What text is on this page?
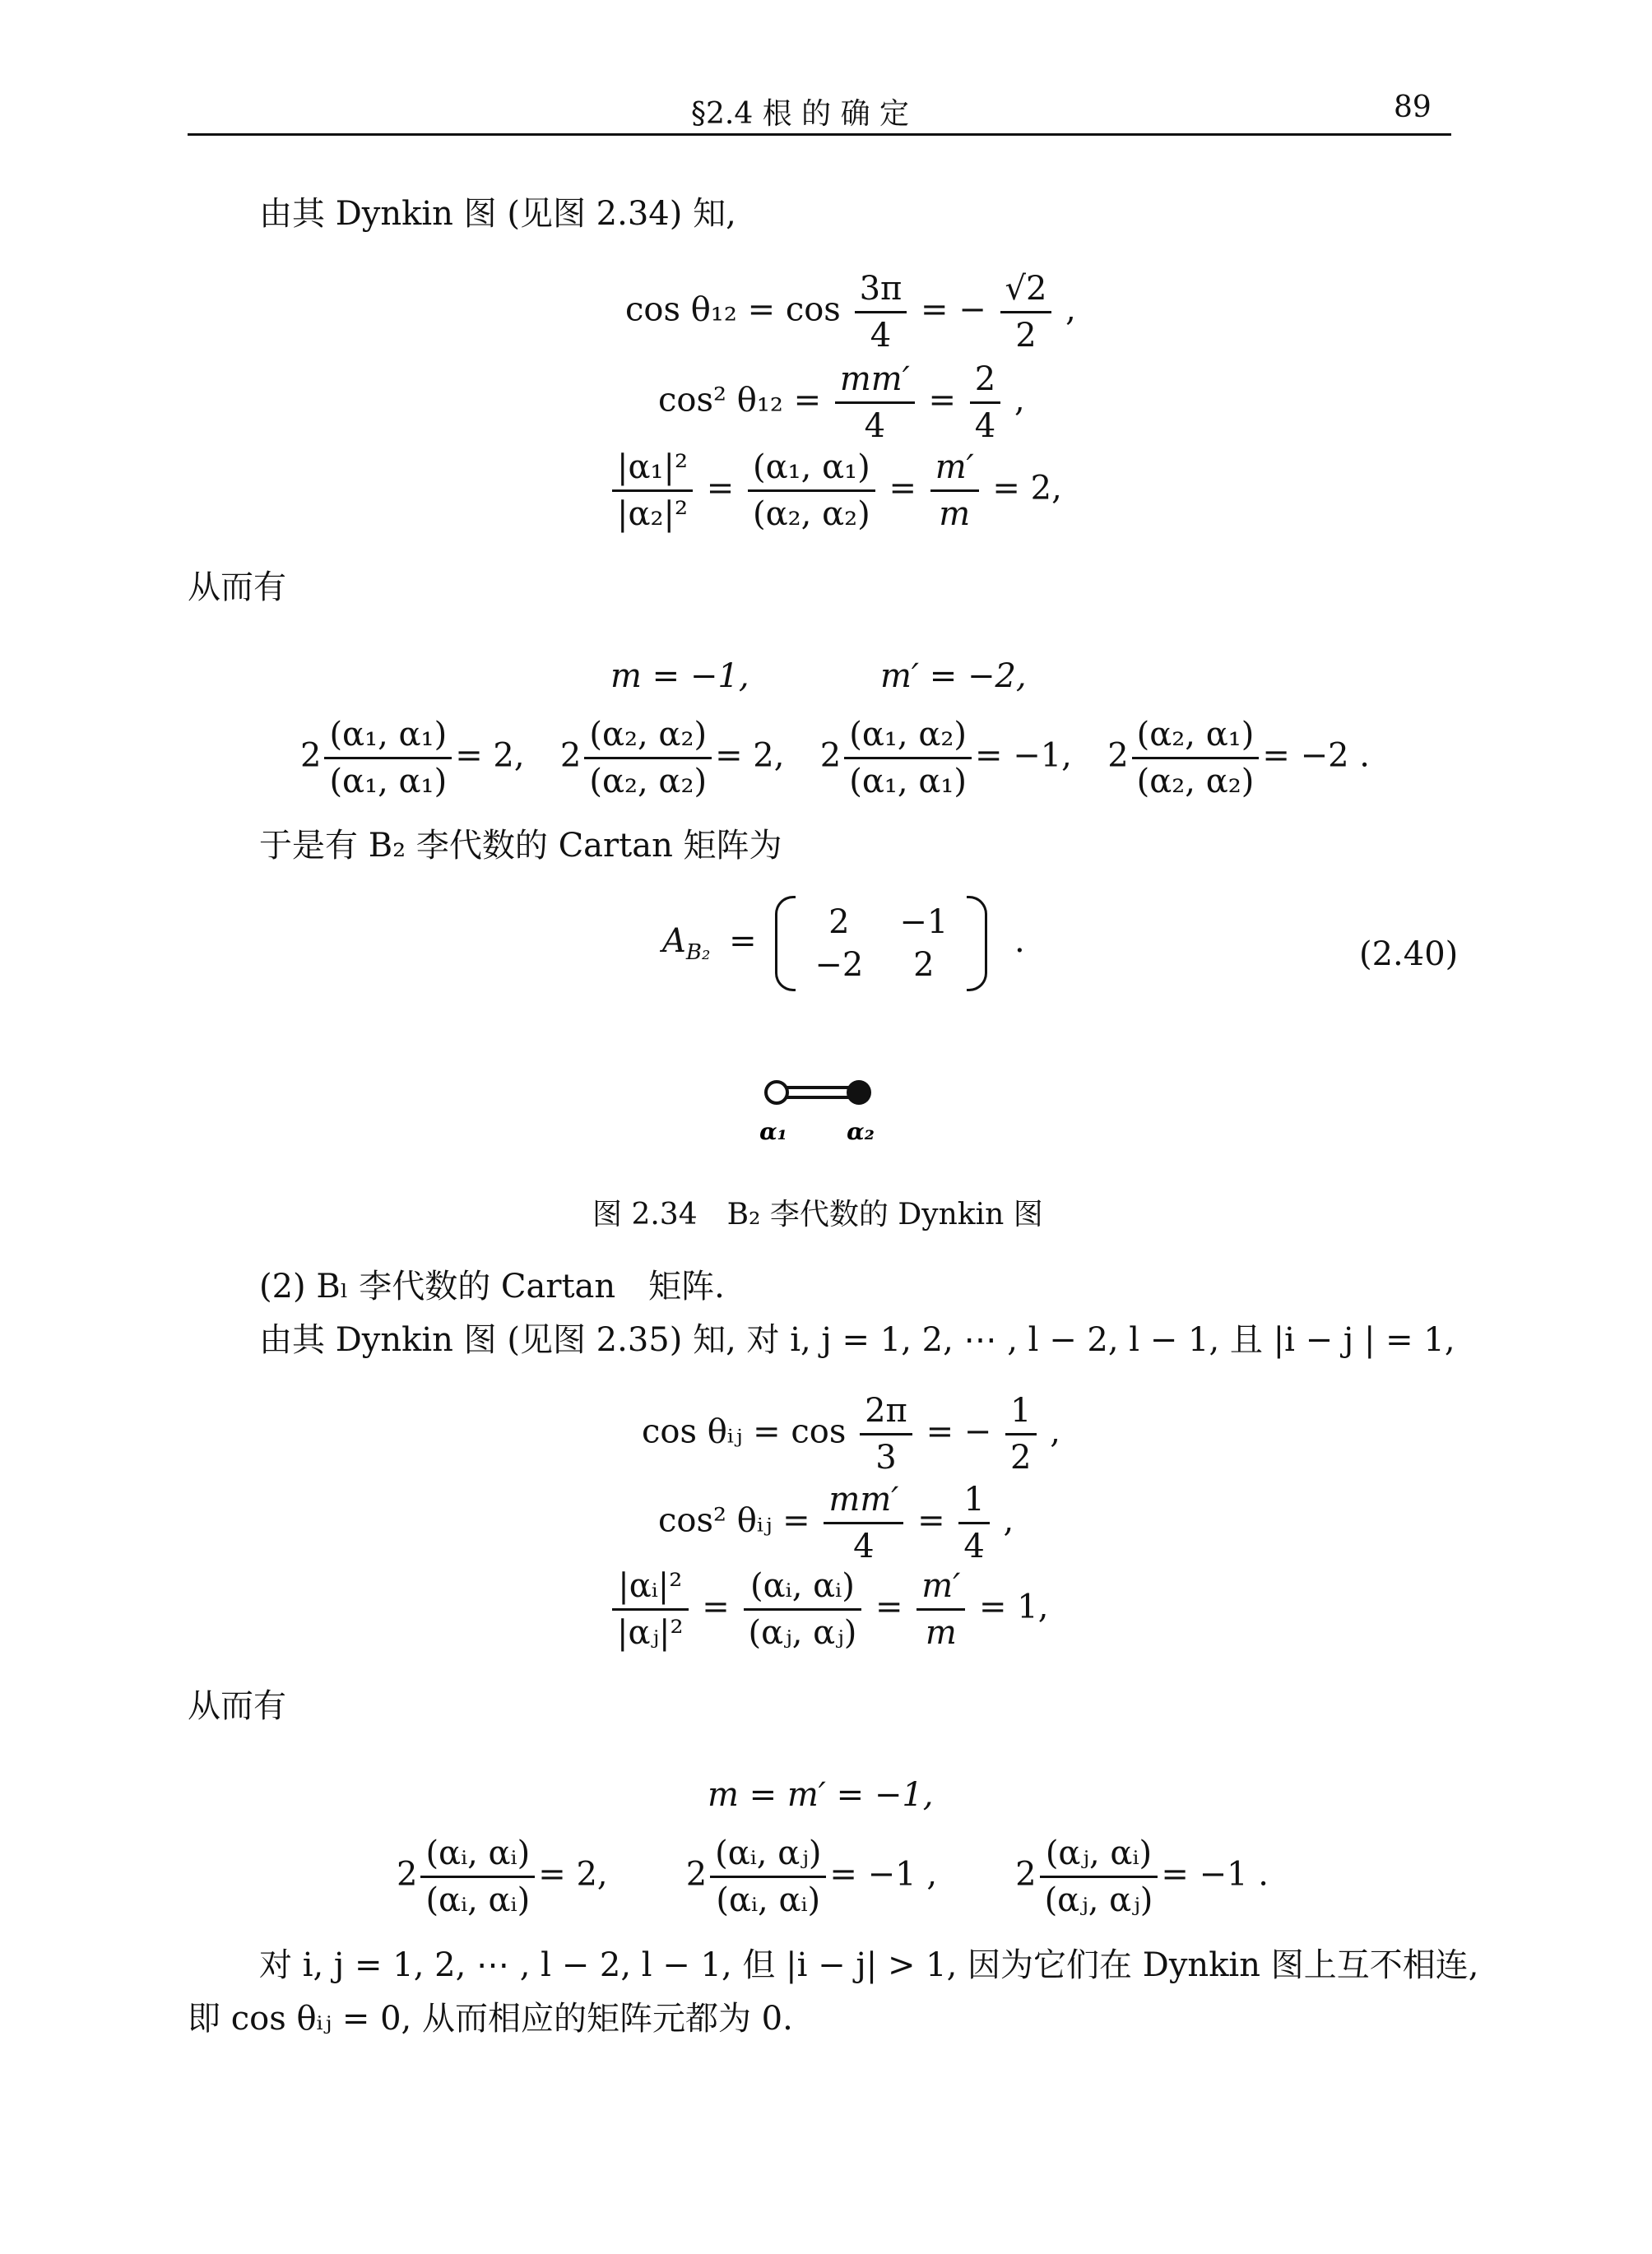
§2.4 根 的 确 定	89
由其 Dynkin 图 (见图 2.34) 知,
$\cos \theta_{12} = \cos \frac{3\pi}{4}$ = − $\frac{√2}{2}$ ,
cos² $\theta_{12} = \frac{mm'}{4} = \frac{2}{4}$ ,
$\frac{\text{|α₁|²}}{\text{|α₂|²}} = \frac{\text{(α₁, α₁)}}{\text{(α₂, α₂)}} = \frac{m'}{m} = 2$,
从而有
m = −1,	m′ = −2,
$2 \frac{\text{(α₁, α₁)}}{\text{(α₁, α₁)}} = 2$, $2 \frac{\text{(α₂, α₂)}}{\text{(α₂, α₂)}} = 2$, $2 \frac{\text{(α₁, α₂)}}{\text{(α₁, α₁)}} = -1$, $2 \frac{\text{(α₂, α₁)}}{\text{(α₂, α₂)}} = -2$ .
于是有 B₂ 李代数的 Cartan 矩阵为
$A_{B_2} = 2$	−1
−2	2
.	(2.40)
α₁	α₂
图 2.34　B₂ 李代数的 Dynkin 图
(2) Bₗ 李代数的 Cartan　矩阵.
由其 Dynkin 图 (见图 2.35) 知, 对 i, j = 1, 2, ⋯ , l − 2, l − 1, 且 |i − j | = 1,
cos θᵢⱼ = $\cos \frac{2\pi}{3}$ = − $\frac{1}{2}$ ,
cos² θᵢⱼ = $\frac{mm'}{4} = \frac{1}{4}$ ,
$\frac{\text{|αᵢ|²}}{\text{|αⱼ|²}} = \frac{\text{(αᵢ, αᵢ)}}{\text{(αⱼ, αⱼ)}} = \frac{m'}{m} = 1$,
从而有
m = m′ = −1,
$2 \frac{\text{(αᵢ, αᵢ)}}{\text{(αᵢ, αᵢ)}} = 2$, $2 \frac{\text{(αᵢ, αⱼ)}}{\text{(αᵢ, αᵢ)}} = -1$ , $2 \frac{\text{(αⱼ, αᵢ)}}{\text{(αⱼ, αⱼ)}} = -1$ .
对 i, j = 1, 2, ⋯ , l − 2, l − 1, 但 |i − j| > 1, 因为它们在 Dynkin 图上互不相连,
即 cos θᵢⱼ = 0, 从而相应的矩阵元都为 0.
